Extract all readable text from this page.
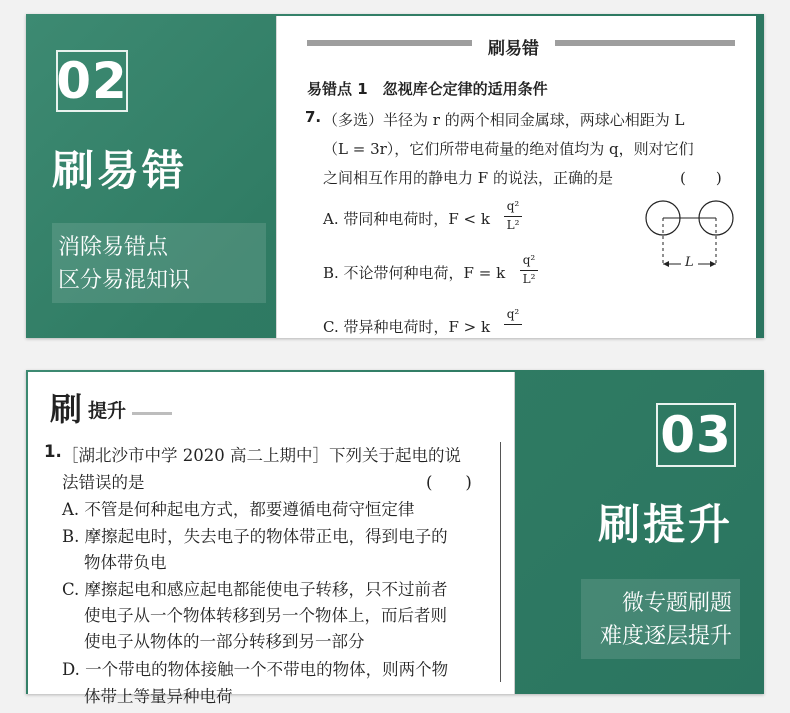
02
刷易错
消除易错点
区分易混知识
刷易错
易错点 1　忽视库仑定律的适用条件
7. （多选）半径为 r 的两个相同金属球，两球心相距为 L
（L = 3r），它们所带电荷量的绝对值均为 q，则对它们
之间相互作用的静电力 F 的说法，正确的是	(　　)
A. 带同种电荷时，F < k
q²
L²
B. 不论带何种电荷，F = k
q²
L²
C. 带异种电荷时，F > k
q²
L
刷 提升
1. ［湖北沙市中学 2020 高二上期中］下列关于起电的说
法错误的是	(　　)
A. 不管是何种起电方式，都要遵循电荷守恒定律
B. 摩擦起电时，失去电子的物体带正电，得到电子的
物体带负电
C. 摩擦起电和感应起电都能使电子转移，只不过前者
使电子从一个物体转移到另一个物体上，而后者则
使电子从物体的一部分转移到另一部分
D. 一个带电的物体接触一个不带电的物体，则两个物
体带上等量异种电荷
03
刷提升
微专题刷题
难度逐层提升
